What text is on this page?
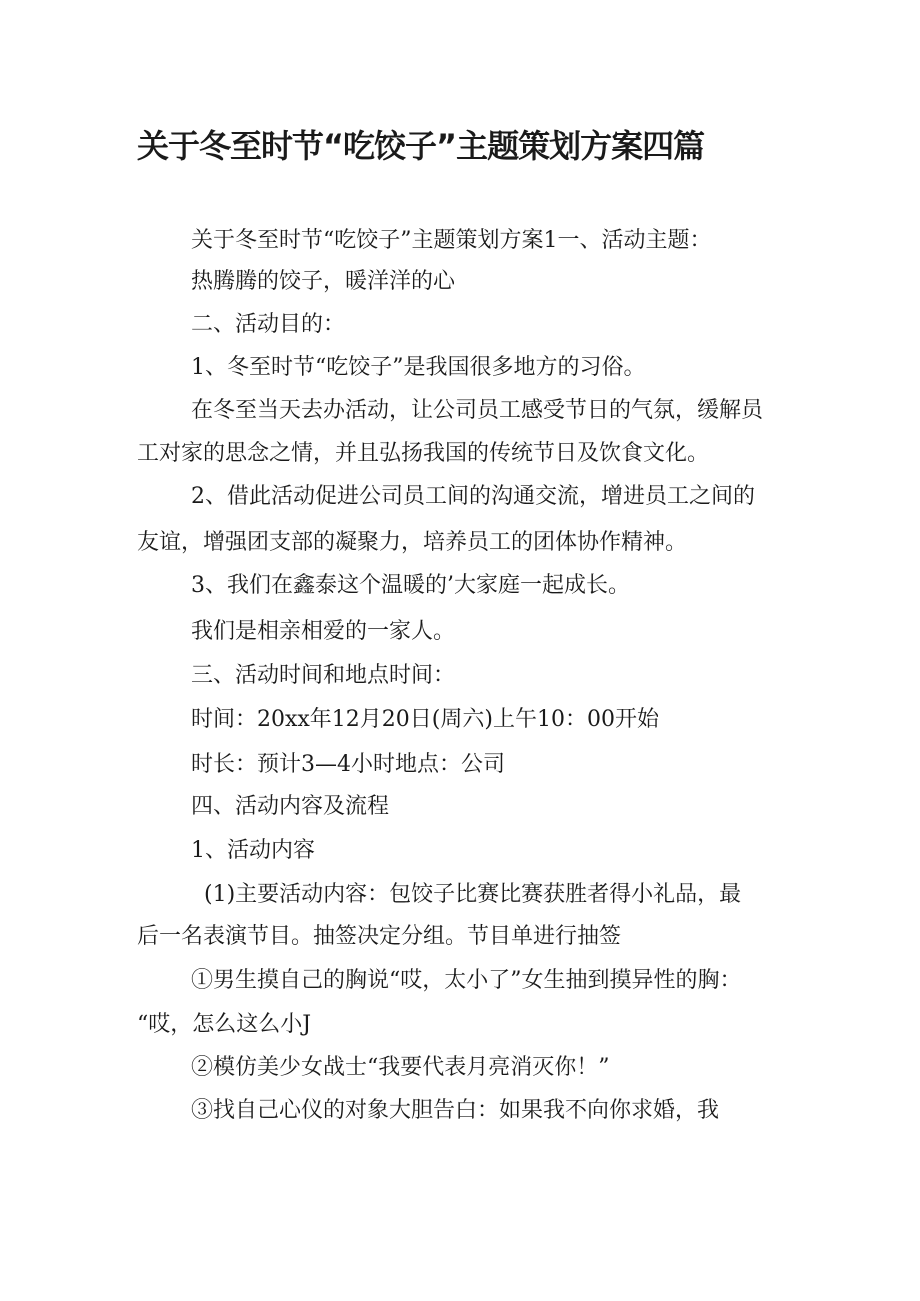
关于冬至时节“吃饺子”主题策划方案四篇

关于冬至时节“吃饺子”主题策划方案1一、活动主题：

热腾腾的饺子，暖洋洋的心

二、活动目的：

1、冬至时节“吃饺子”是我国很多地方的习俗。

在冬至当天去办活动，让公司员工感受节日的气氛，缓解员

工对家的思念之情，并且弘扬我国的传统节日及饮食文化。

2、借此活动促进公司员工间的沟通交流，增进员工之间的

友谊，增强团支部的凝聚力，培养员工的团体协作精神。

3、我们在鑫泰这个温暖的’大家庭一起成长。

我们是相亲相爱的一家人。

三、活动时间和地点时间：

时间：20xx年12月20日(周六)上午10：00开始

时长：预计3—4小时地点：公司

四、活动内容及流程

1、活动内容

(1)主要活动内容：包饺子比赛比赛获胜者得小礼品，最

后一名表演节目。抽签决定分组。节目单进行抽签

①男生摸自己的胸说“哎，太小了”女生抽到摸异性的胸：

“哎，怎么这么小J

②模仿美少女战士“我要代表月亮消灭你！”

③找自己心仪的对象大胆告白：如果我不向你求婚，我
